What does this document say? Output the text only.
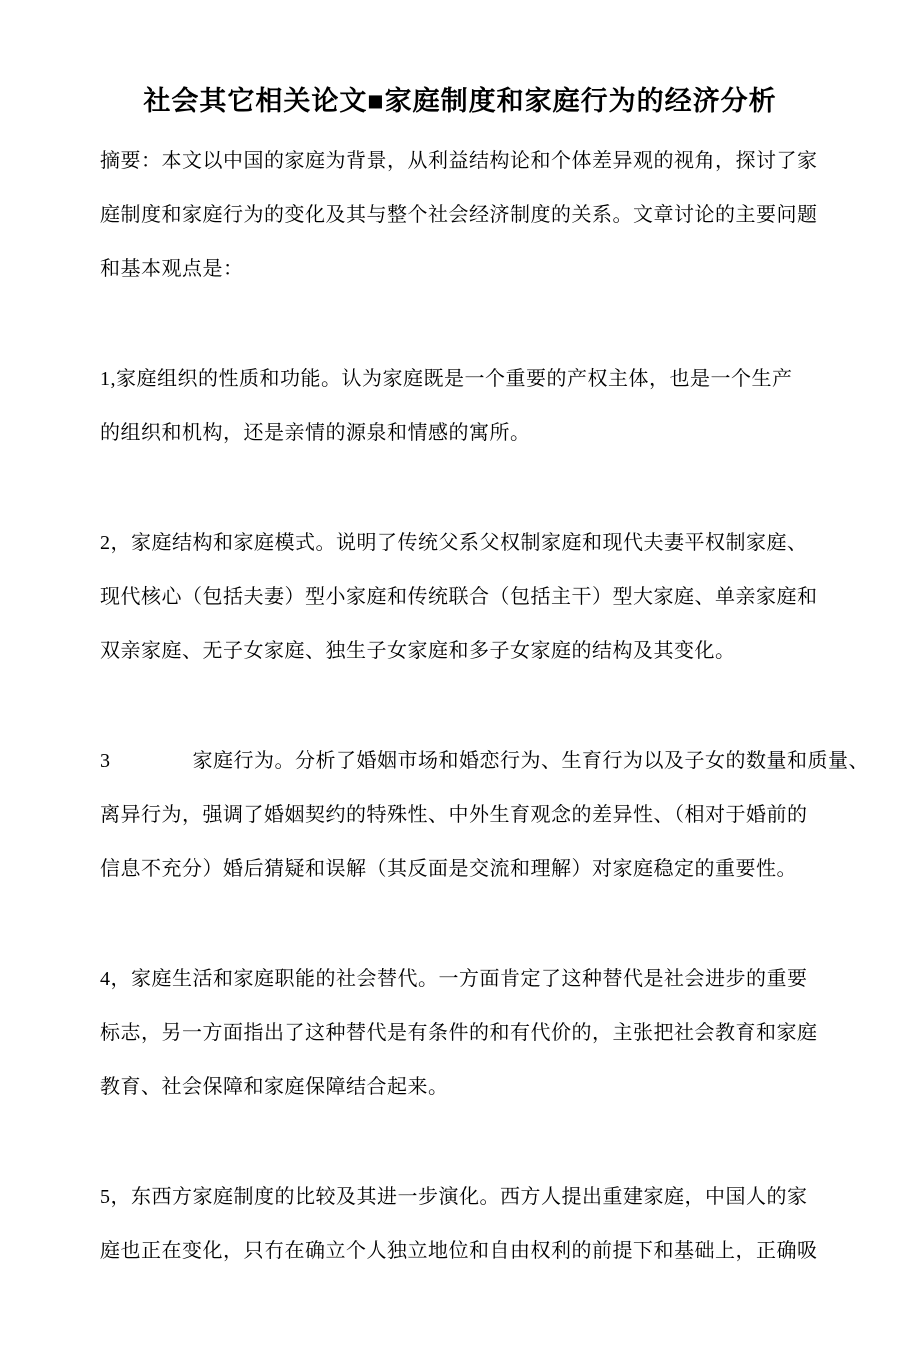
社会其它相关论文■家庭制度和家庭行为的经济分析
摘要：本文以中国的家庭为背景，从利益结构论和个体差异观的视角，探讨了家
庭制度和家庭行为的变化及其与整个社会经济制度的关系。文章讨论的主要问题
和基本观点是：
1,家庭组织的性质和功能。认为家庭既是一个重要的产权主体，也是一个生产
的组织和机构，还是亲情的源泉和情感的寓所。
2，家庭结构和家庭模式。说明了传统父系父权制家庭和现代夫妻平权制家庭、
现代核心（包括夫妻）型小家庭和传统联合（包括主干）型大家庭、单亲家庭和
双亲家庭、无子女家庭、独生子女家庭和多子女家庭的结构及其变化。
3　　　　家庭行为。分析了婚姻市场和婚恋行为、生育行为以及子女的数量和质量、
离异行为，强调了婚姻契约的特殊性、中外生育观念的差异性、（相对于婚前的
信息不充分）婚后猜疑和误解（其反面是交流和理解）对家庭稳定的重要性。
4，家庭生活和家庭职能的社会替代。一方面肯定了这种替代是社会进步的重要
标志，另一方面指出了这种替代是有条件的和有代价的，主张把社会教育和家庭
教育、社会保障和家庭保障结合起来。
5，东西方家庭制度的比较及其进一步演化。西方人提出重建家庭，中国人的家
庭也正在变化，只冇在确立个人独立地位和自由权利的前提下和基础上，正确吸
